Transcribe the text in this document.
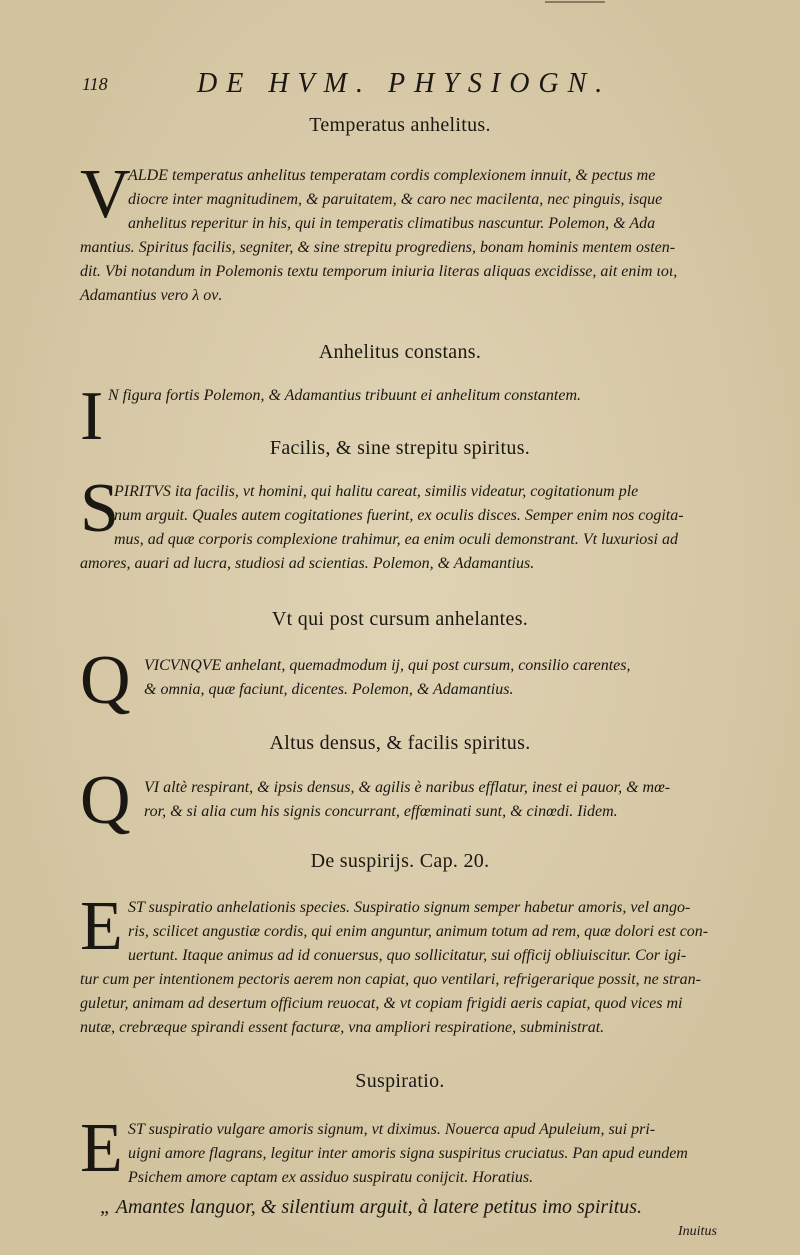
118	DE HVM. PHYSIOGN.
Temperatus anhelitus.
V

ALDE temperatus anhelitus temperatam cordis complexionem innuit, & pectus me

diocre inter magnitudinem, & paruitatem, & caro nec macilenta, nec pinguis, isque

anhelitus reperitur in his, qui in temperatis climatibus nascuntur. Polemon, & Ada

mantius. Spiritus facilis, segniter, & sine strepitu progrediens, bonam hominis mentem osten-

dit. Vbi notandum in Polemonis textu temporum iniuria literas aliquas excidisse, ait enim ιοι,

Adamantius vero λ ον.

Anhelitus constans.
I N figura fortis Polemon, & Adamantius tribuunt ei anhelitum constantem.

Facilis, & sine strepitu spiritus.
S

PIRITVS ita facilis, vt homini, qui halitu careat, similis videatur, cogitationum ple

num arguit. Quales autem cogitationes fuerint, ex oculis disces. Semper enim nos cogita-

mus, ad quæ corporis complexione trahimur, ea enim oculi demonstrant. Vt luxuriosi ad

amores, auari ad lucra, studiosi ad scientias. Polemon, & Adamantius.

Vt qui post cursum anhelantes.
Q VICVNQVE anhelant, quemadmodum ij, qui post cursum, consilio carentes,

& omnia, quæ faciunt, dicentes. Polemon, & Adamantius.

Altus densus, & facilis spiritus.
Q VI altè respirant, & ipsis densus, & agilis è naribus efflatur, inest ei pauor, & mœ-

ror, & si alia cum his signis concurrant, effœminati sunt, & cinœdi. Iidem.

De suspirijs. Cap. 20.
E ST suspiratio anhelationis species. Suspiratio signum semper habetur amoris, vel ango-

ris, scilicet angustiæ cordis, qui enim anguntur, animum totum ad rem, quæ dolori est con-

uertunt. Itaque animus ad id conuersus, quo sollicitatur, sui officij obliuiscitur. Cor igi-

tur cum per intentionem pectoris aerem non capiat, quo ventilari, refrigerarique possit, ne stran-

guletur, animam ad desertum officium reuocat, & vt copiam frigidi aeris capiat, quod vices mi

nutæ, crebræque spirandi essent facturæ, vna ampliori respiratione, subministrat.

Suspiratio.
E ST suspiratio vulgare amoris signum, vt diximus. Nouerca apud Apuleium, sui pri-

uigni amore flagrans, legitur inter amoris signa suspiritus cruciatus. Pan apud eundem

Psichem amore captam ex assiduo suspiratu conijcit. Horatius.

„ Amantes languor, & silentium arguit, à latere petitus imo spiritus.

Inuitus
